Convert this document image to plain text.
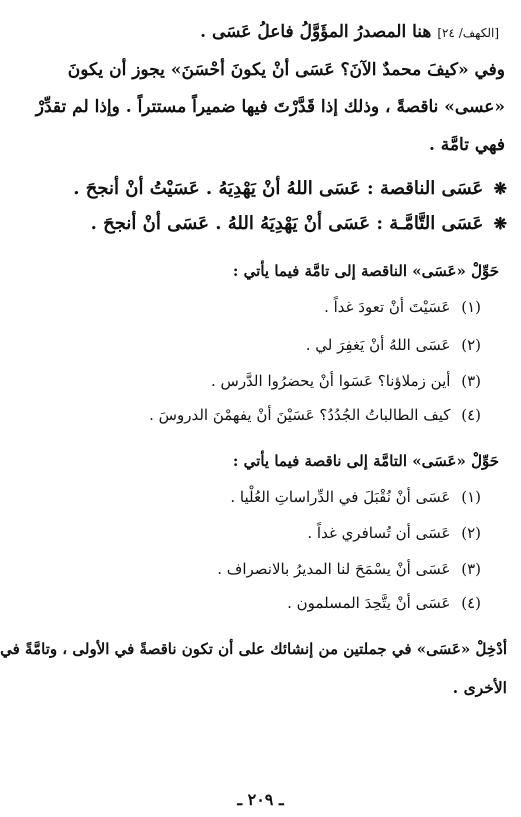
[الكهف/ ٢٤] هنا المصدرُ المؤَوَّلُ فاعلُ عَسَى .
وفي «كيفَ محمدٌ الآنَ؟ عَسَى أنْ يكونَ أحْسَنَ» يجوز أن يكونَ
«عسى» ناقصةً ، وذلك إذا قَدَّرْتَ فيها ضميراً مستتراً . وإذا لم تقدِّرْ
فهي تامَّة .
❋ عَسَى الناقصة : عَسَى اللهُ أنْ يَهْدِيَهُ . عَسَيْتُ أنْ أنجحَ .
❋ عَسَى التَّامَّـة : عَسَى أنْ يَهْدِيَهُ اللهُ . عَسَى أنْ أنجحَ .
حَوِّلْ «عَسَى» الناقصة إلى تامَّة فيما يأتي :
(١) عَسَيْتَ أنْ تعودَ غداً .
(٢) عَسَى اللهُ أنْ يَغفِرَ لي .
(٣) أين زملاؤنا؟ عَسَوا أنْ يحضرُوا الدَّرس .
(٤) كيف الطالباتُ الجُدُدُ؟ عَسَيْنَ أنْ يفهمْنَ الدروسَ .
حَوِّلْ «عَسَى» التامَّة إلى ناقصة فيما يأتي :
(١) عَسَى أنْ نُقْبَلَ في الدِّراساتِ العُلْيا .
(٢) عَسَى أن تُسافري غداً .
(٣) عَسَى أنْ يسْمَحَ لنا المديرُ بالانصراف .
(٤) عَسَى أنْ يتَّحِدَ المسلمون .
أدْخِلْ «عَسَى» في جملتين من إنشائك على أن تكون ناقصةً في الأولى ، وتامَّةً في
الأخرى .
ـ ٢٠٩ ـ
